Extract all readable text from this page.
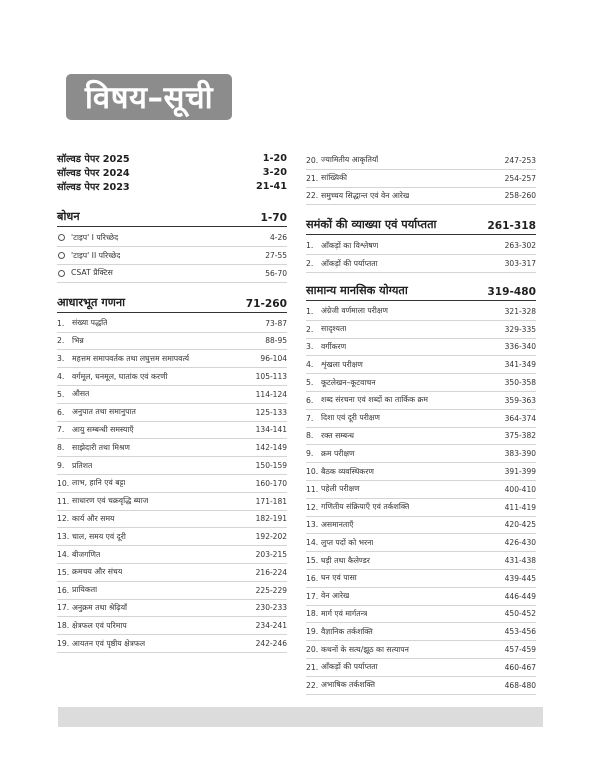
विषय–सूची
सॉल्वड पेपर 2025	1-20
सॉल्वड पेपर 2024	3-20
सॉल्वड पेपर 2023	21-41
बोधन	1-70
'टाइप' I परिच्छेद	4-26
'टाइप' II परिच्छेद	27-55
CSAT प्रैक्टिस	56-70
आधारभूत गणना	71-260
1. संख्या पद्धति	73-87
2. भिन्न	88-95
3. महत्तम समापवर्तक तथा लघुत्तम समापवर्त्य	96-104
4. वर्गमूल, घनमूल, घातांक एवं करणी	105-113
5. औसत	114-124
6. अनुपात तथा समानुपात	125-133
7. आयु सम्बन्धी समस्याएँ	134-141
8. साझेदारी तथा मिश्रण	142-149
9. प्रतिशत	150-159
10. लाभ, हानि एवं बट्टा	160-170
11. साधारण एवं चक्रवृद्धि ब्याज	171-181
12. कार्य और समय	182-191
13. चाल, समय एवं दूरी	192-202
14. बीजगणित	203-215
15. क्रमचय और संचय	216-224
16. प्रायिकता	225-229
17. अनुक्रम तथा श्रेढ़ियाँ	230-233
18. क्षेत्रफल एवं परिमाप	234-241
19. आयतन एवं पृष्ठीय क्षेत्रफल	242-246
20. ज्यामितीय आकृतियाँ	247-253
21. सांख्यिकी	254-257
22. समुच्चय सिद्धान्त एवं वेन आरेख	258-260
समंकों की व्याख्या एवं पर्याप्तता	261-318
1. आँकड़ों का विश्लेषण	263-302
2. आँकड़ों की पर्याप्तता	303-317
सामान्य मानसिक योग्यता	319-480
1. अंग्रेजी वर्णमाला परीक्षण	321-328
2. सादृश्यता	329-335
3. वर्गीकरण	336-340
4. शृंखला परीक्षण	341-349
5. कूटलेखन–कूटवाचन	350-358
6. शब्द संरचना एवं शब्दों का तार्किक क्रम	359-363
7. दिशा एवं दूरी परीक्षण	364-374
8. रक्त सम्बन्ध	375-382
9. क्रम परीक्षण	383-390
10. बैठक व्यवस्थिकरण	391-399
11. पहेली परीक्षण	400-410
12. गणितीय संक्रियाएँ एवं तर्कशक्ति	411-419
13. असमानताएँ	420-425
14. लुप्त पदों को भरना	426-430
15. घड़ी तथा कैलेण्डर	431-438
16. घन एवं पासा	439-445
17. वेन आरेख	446-449
18. मार्ग एवं मार्गतन्त्र	450-452
19. वैज्ञानिक तर्कशक्ति	453-456
20. कथनों के सत्य/झूठ का सत्यापन	457-459
21. आँकड़ों की पर्याप्तता	460-467
22. अभाषिक तर्कशक्ति	468-480
